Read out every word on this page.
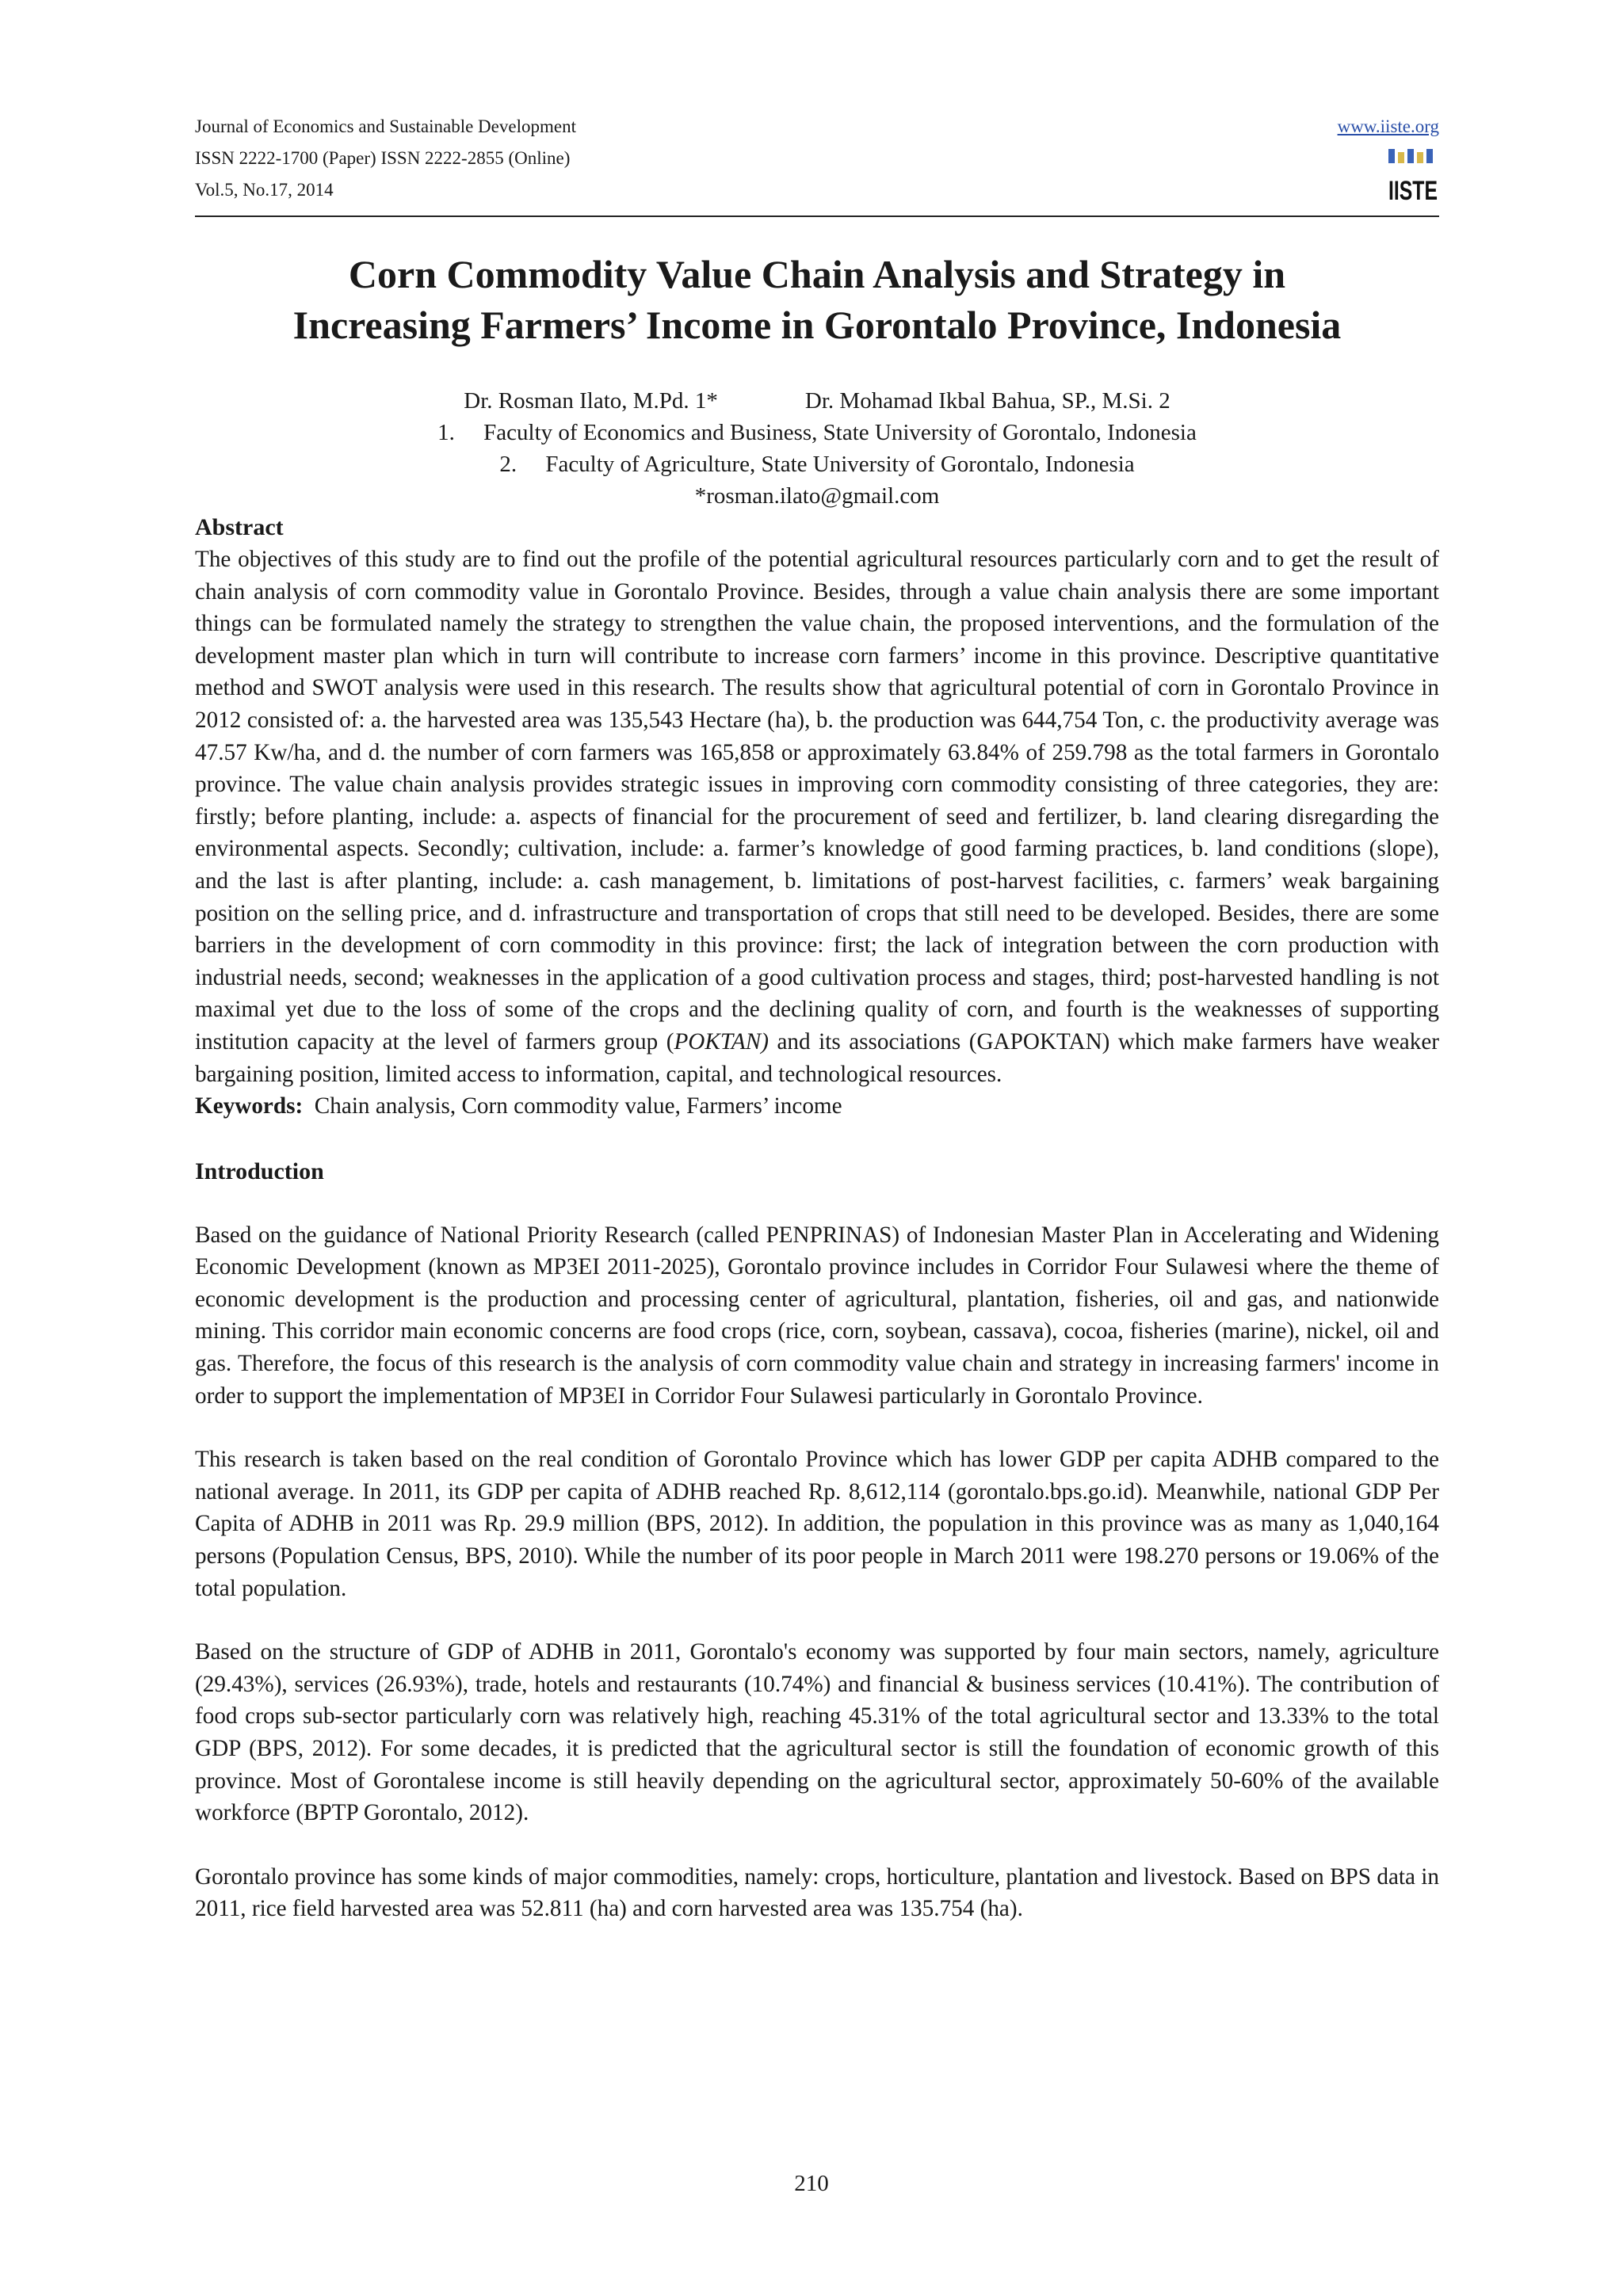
Journal of Economics and Sustainable Development
ISSN 2222-1700 (Paper) ISSN 2222-2855 (Online)
Vol.5, No.17, 2014
www.iiste.org
IISTE
Corn Commodity Value Chain Analysis and Strategy in
Increasing Farmers’ Income in Gorontalo Province, Indonesia
Dr. Rosman Ilato, M.Pd. 1*	Dr. Mohamad Ikbal Bahua, SP., M.Si. 2
1. Faculty of Economics and Business, State University of Gorontalo, Indonesia
2. Faculty of Agriculture, State University of Gorontalo, Indonesia
*rosman.ilato@gmail.com
Abstract

The objectives of this study are to find out the profile of the potential agricultural resources particularly corn and to get the result of chain analysis of corn commodity value in Gorontalo Province. Besides, through a value chain analysis there are some important things can be formulated namely the strategy to strengthen the value chain, the proposed interventions, and the formulation of the development master plan which in turn will contribute to increase corn farmers’ income in this province. Descriptive quantitative method and SWOT analysis were used in this research. The results show that agricultural potential of corn in Gorontalo Province in 2012 consisted of: a. the harvested area was 135,543 Hectare (ha), b. the production was 644,754 Ton, c. the productivity average was 47.57 Kw/ha, and d. the number of corn farmers was 165,858 or approximately 63.84% of 259.798 as the total farmers in Gorontalo province. The value chain analysis provides strategic issues in improving corn commodity consisting of three categories, they are: firstly; before planting, include: a. aspects of financial for the procurement of seed and fertilizer, b. land clearing disregarding the environmental aspects. Secondly; cultivation, include: a. farmer’s knowledge of good farming practices, b. land conditions (slope), and the last is after planting, include: a. cash management, b. limitations of post-harvest facilities, c. farmers’ weak bargaining position on the selling price, and d. infrastructure and transportation of crops that still need to be developed. Besides, there are some barriers in the development of corn commodity in this province: first; the lack of integration between the corn production with industrial needs, second; weaknesses in the application of a good cultivation process and stages, third; post-harvested handling is not maximal yet due to the loss of some of the crops and the declining quality of corn, and fourth is the weaknesses of supporting institution capacity at the level of farmers group (POKTAN) and its associations (GAPOKTAN) which make farmers have weaker bargaining position, limited access to information, capital, and technological resources.

Keywords:  Chain analysis, Corn commodity value, Farmers’ income
Introduction

Based on the guidance of National Priority Research (called PENPRINAS) of Indonesian Master Plan in Accelerating and Widening Economic Development (known as MP3EI 2011-2025), Gorontalo province includes in Corridor Four Sulawesi where the theme of economic development is the production and processing center of agricultural, plantation, fisheries, oil and gas, and nationwide mining. This corridor main economic concerns are food crops (rice, corn, soybean, cassava), cocoa, fisheries (marine), nickel, oil and gas. Therefore, the focus of this research is the analysis of corn commodity value chain and strategy in increasing farmers' income in order to support the implementation of MP3EI in Corridor Four Sulawesi particularly in Gorontalo Province.

This research is taken based on the real condition of Gorontalo Province which has lower GDP per capita ADHB compared to the national average. In 2011, its GDP per capita of ADHB reached Rp. 8,612,114 (gorontalo.bps.go.id). Meanwhile, national GDP Per Capita of ADHB in 2011 was Rp. 29.9 million (BPS, 2012). In addition, the population in this province was as many as 1,040,164 persons (Population Census, BPS, 2010). While the number of its poor people in March 2011 were 198.270 persons or 19.06% of the total population.

Based on the structure of GDP of ADHB in 2011, Gorontalo's economy was supported by four main sectors, namely, agriculture (29.43%), services (26.93%), trade, hotels and restaurants (10.74%) and financial & business services (10.41%). The contribution of food crops sub-sector particularly corn was relatively high, reaching 45.31% of the total agricultural sector and 13.33% to the total GDP (BPS, 2012). For some decades, it is predicted that the agricultural sector is still the foundation of economic growth of this province. Most of Gorontalese income is still heavily depending on the agricultural sector, approximately 50-60% of the available workforce (BPTP Gorontalo, 2012).

Gorontalo province has some kinds of major commodities, namely: crops, horticulture, plantation and livestock. Based on BPS data in 2011, rice field harvested area was 52.811 (ha) and corn harvested area was 135.754 (ha).

210
